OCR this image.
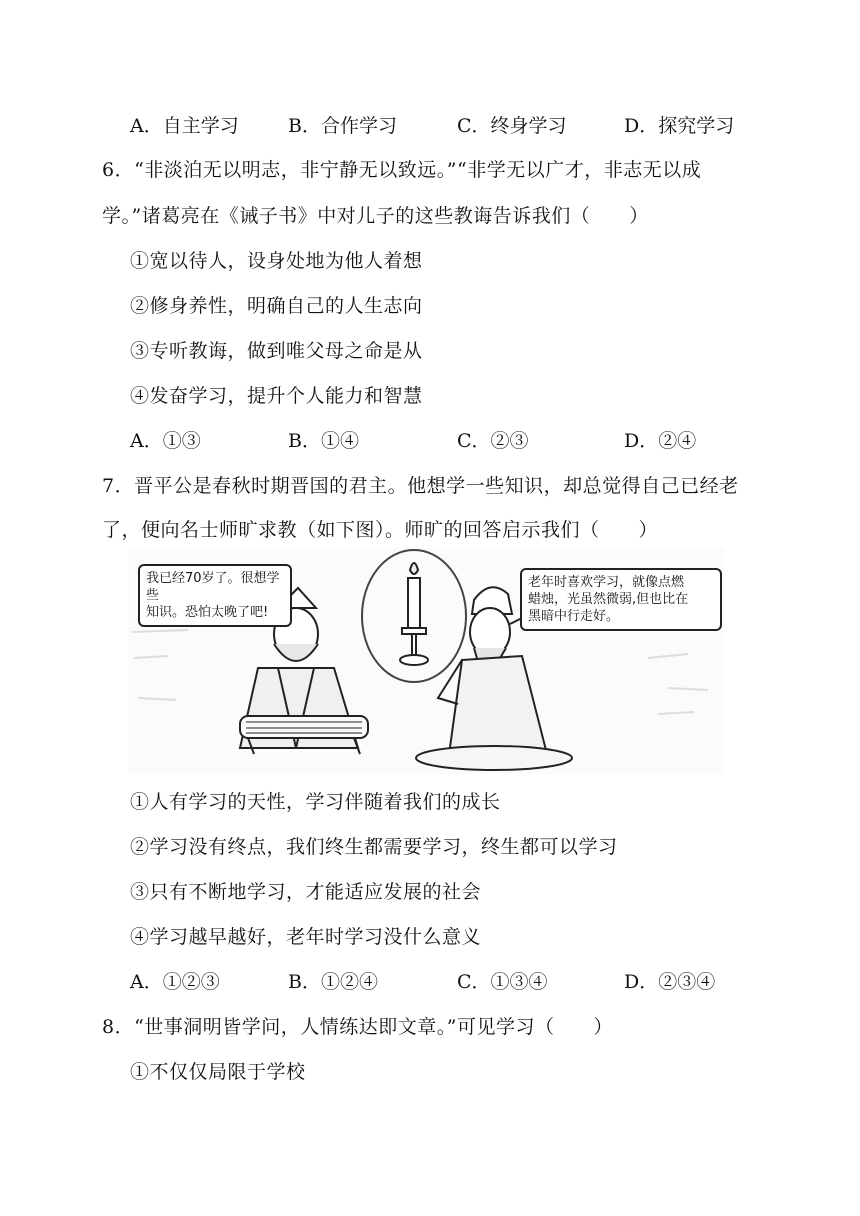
A．自主学习	B．合作学习	C．终身学习	D．探究学习
6．“非淡泊无以明志，非宁静无以致远。”“非学无以广才，非志无以成
学。”诸葛亮在《诫子书》中对儿子的这些教诲告诉我们（　　）
①宽以待人，设身处地为他人着想
②修身养性，明确自己的人生志向
③专听教诲，做到唯父母之命是从
④发奋学习，提升个人能力和智慧
A．①③	B．①④	C．②③	D．②④
7．晋平公是春秋时期晋国的君主。他想学一些知识，却总觉得自己已经老
了，便向名士师旷求教（如下图）。师旷的回答启示我们（　　）
我已经70岁了。很想学些
知识。恐怕太晚了吧!
老年时喜欢学习，就像点燃
蜡烛，光虽然微弱,但也比在
黑暗中行走好。
①人有学习的天性，学习伴随着我们的成长
②学习没有终点，我们终生都需要学习，终生都可以学习
③只有不断地学习，才能适应发展的社会
④学习越早越好，老年时学习没什么意义
A．①②③	B．①②④	C．①③④	D．②③④
8．“世事洞明皆学问，人情练达即文章。”可见学习（　　）
①不仅仅局限于学校
